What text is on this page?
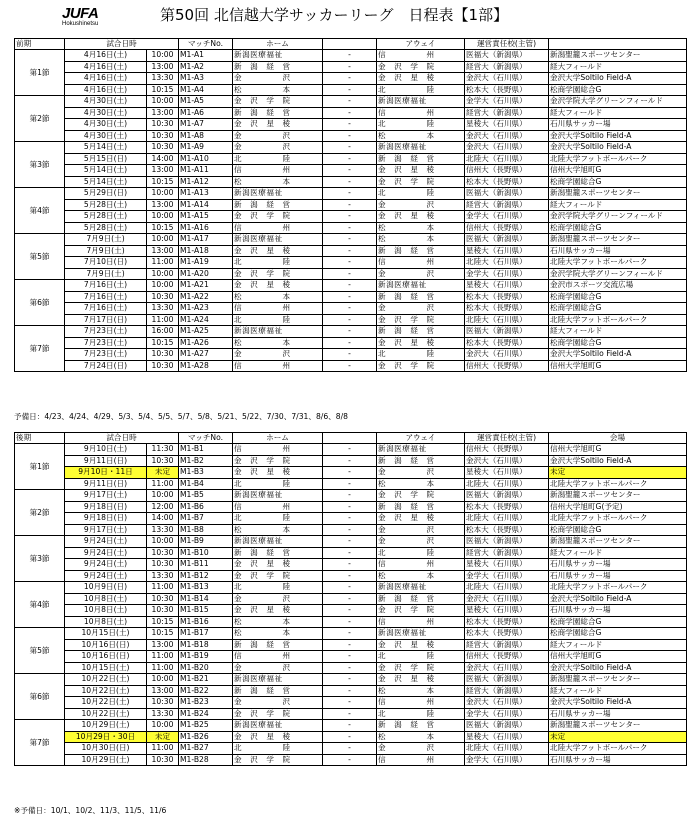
JUFA
Hokushinetsu	第50回 北信越大学サッカーリーグ　日程表【1部】
前期	試合日時		マッチNo.	ホーム		アウェイ	運営責任校(主管)	
第1節	4月16日(土)	10:00	M1-A1	新潟医療福祉	-	信　　　　　州	医福大（新潟県）	新潟聖籠スポーツセンター
	4月16日(土)	13:00	M1-A2	新　潟　経　営	-	金　沢　学　院	経営大（新潟県）	経大フィールド
	4月16日(土)	13:30	M1-A3	金　　　　　沢	-	金　沢　星　稜	金沢大（石川県）	金沢大学Soltilo Field-A
	4月16日(土)	10:15	M1-A4	松　　　　　本	-	北　　　　　陸	松本大（長野県）	松商学園総合G
第2節	4月30日(土)	10:00	M1-A5	金　沢　学　院	-	新潟医療福祉	金学大（石川県）	金沢学院大学グリーンフィールド
	4月30日(土)	13:00	M1-A6	新　潟　経　営	-	信　　　　　州	経営大（新潟県）	経大フィールド
	4月30日(土)	10:30	M1-A7	金　沢　星　稜	-	北　　　　　陸	星稜大（石川県）	石川県サッカー場
	4月30日(土)	10:30	M1-A8	金　　　　　沢	-	松　　　　　本	金沢大（石川県）	金沢大学Soltilo Field-A
第3節	5月14日(土)	10:30	M1-A9	金　　　　　沢	-	新潟医療福祉	金沢大（石川県）	金沢大学Soltilo Field-A
	5月15日(日)	14:00	M1-A10	北　　　　　陸	-	新　潟　経　営	北陸大（石川県）	北陸大学フットボールパーク
	5月14日(土)	13:00	M1-A11	信　　　　　州	-	金　沢　星　稜	信州大（長野県）	信州大学旭町G
	5月14日(土)	10:15	M1-A12	松　　　　　本	-	金　沢　学　院	松本大（長野県）	松商学園総合G
第4節	5月29日(日)	10:00	M1-A13	新潟医療福祉	-	北　　　　　陸	医福大（新潟県）	新潟聖籠スポーツセンター
	5月28日(土)	13:00	M1-A14	新　潟　経　営	-	金　　　　　沢	経営大（新潟県）	経大フィールド
	5月28日(土)	10:00	M1-A15	金　沢　学　院	-	金　沢　星　稜	金学大（石川県）	金沢学院大学グリーンフィールド
	5月28日(土)	10:15	M1-A16	信　　　　　州	-	松　　　　　本	信州大（長野県）	松商学園総合G
第5節	7月9日(土)	10:00	M1-A17	新潟医療福祉	-	松　　　　　本	医福大（新潟県）	新潟聖籠スポーツセンター
	7月9日(土)	13:00	M1-A18	金　沢　星　稜	-	新　潟　経　営	星稜大（石川県）	石川県サッカー場
	7月10日(日)	11:00	M1-A19	北　　　　　陸	-	信　　　　　州	北陸大（石川県）	北陸大学フットボールパーク
	7月9日(土)	10:00	M1-A20	金　沢　学　院	-	金　　　　　沢	金学大（石川県）	金沢学院大学グリーンフィールド
第6節	7月16日(土)	10:00	M1-A21	金　沢　星　稜	-	新潟医療福祉	星稜大（石川県）	金沢市スポーツ交流広場
	7月16日(土)	10:30	M1-A22	松　　　　　本	-	新　潟　経　営	松本大（長野県）	松商学園総合G
	7月16日(土)	13:30	M1-A23	信　　　　　州	-	金　　　　　沢	松本大（長野県）	松商学園総合G
	7月17日(日)	11:00	M1-A24	北　　　　　陸	-	金　沢　学　院	北陸大（石川県）	北陸大学フットボールパーク
第7節	7月23日(土)	16:00	M1-A25	新潟医療福祉	-	新　潟　経　営	医福大（新潟県）	経大フィールド
	7月23日(土)	10:15	M1-A26	松　　　　　本	-	金　沢　星　稜	松本大（長野県）	松商学園総合G
	7月23日(土)	10:30	M1-A27	金　　　　　沢	-	北　　　　　陸	金沢大（石川県）	金沢大学Soltilo Field-A
	7月24日(日)	10:30	M1-A28	信　　　　　州	-	金　沢　学　院	信州大（長野県）	信州大学旭町G
予備日：4/23、4/24、4/29、5/3、5/4、5/5、5/7、5/8、5/21、5/22、7/30、7/31、8/6、8/8
後期	試合日時		マッチNo.	ホーム		アウェイ	運営責任校(主管)	会場
第1節	9月10日(土)	11:30	M1-B1	信　　　　　州	-	新潟医療福祉	信州大（長野県）	信州大学旭町G
	9月11日(日)	10:30	M1-B2	金　沢　学　院	-	新　潟　経　営	金沢大（石川県）	金沢大学Soltilo Field-A
	9月10日・11日	未定	M1-B3	金　沢　星　稜	-	金　　　　　沢	星稜大（石川県）	未定
	9月11日(日)	11:00	M1-B4	北　　　　　陸	-	松　　　　　本	北陸大（石川県）	北陸大学フットボールパーク
第2節	9月17日(土)	10:00	M1-B5	新潟医療福祉	-	金　沢　学　院	医福大（新潟県）	新潟聖籠スポーツセンター
	9月18日(日)	12:00	M1-B6	信　　　　　州	-	新　潟　経　営	松本大（長野県）	信州大学旭町G(予定)
	9月18日(日)	14:00	M1-B7	北　　　　　陸	-	金　沢　星　稜	北陸大（石川県）	北陸大学フットボールパーク
	9月17日(土)	13:30	M1-B8	松　　　　　本	-	金　　　　　沢	松本大（長野県）	松商学園総合G
第3節	9月24日(土)	10:00	M1-B9	新潟医療福祉	-	金　　　　　沢	医福大（新潟県）	新潟聖籠スポーツセンター
	9月24日(土)	10:30	M1-B10	新　潟　経　営	-	北　　　　　陸	経営大（新潟県）	経大フィールド
	9月24日(土)	10:30	M1-B11	金　沢　星　稜	-	信　　　　　州	星稜大（石川県）	石川県サッカー場
	9月24日(土)	13:30	M1-B12	金　沢　学　院	-	松　　　　　本	金学大（石川県）	石川県サッカー場
第4節	10月9日(日)	11:00	M1-B13	北　　　　　陸	-	新潟医療福祉	北陸大（石川県）	北陸大学フットボールパーク
	10月8日(土)	10:30	M1-B14	金　　　　　沢	-	新　潟　経　営	金沢大（石川県）	金沢大学Soltilo Field-A
	10月8日(土)	10:30	M1-B15	金　沢　星　稜	-	金　沢　学　院	星稜大（石川県）	石川県サッカー場
	10月8日(土)	10:15	M1-B16	松　　　　　本	-	信　　　　　州	松本大（長野県）	松商学園総合G
第5節	10月15日(土)	10:15	M1-B17	松　　　　　本	-	新潟医療福祉	松本大（長野県）	松商学園総合G
	10月16日(日)	13:00	M1-B18	新　潟　経　営	-	金　沢　星　稜	経営大（新潟県）	経大フィールド
	10月16日(日)	11:00	M1-B19	信　　　　　州	-	北　　　　　陸	信州大（長野県）	信州大学旭町G
	10月15日(土)	11:00	M1-B20	金　　　　　沢	-	金　沢　学　院	金沢大（石川県）	金沢大学Soltilo Field-A
第6節	10月22日(土)	10:00	M1-B21	新潟医療福祉	-	金　沢　星　稜	医福大（新潟県）	新潟聖籠スポーツセンター
	10月22日(土)	13:00	M1-B22	新　潟　経　営	-	松　　　　　本	経営大（新潟県）	経大フィールド
	10月22日(土)	10:30	M1-B23	金　　　　　沢	-	信　　　　　州	金沢大（石川県）	金沢大学Soltilo Field-A
	10月22日(土)	13:30	M1-B24	金　沢　学　院	-	北　　　　　陸	金学大（石川県）	石川県サッカー場
第7節	10月29日(土)	10:00	M1-B25	新潟医療福祉	-	新　潟　経　営	医福大（新潟県）	新潟聖籠スポーツセンター
	10月29日・30日	未定	M1-B26	金　沢　星　稜	-	松　　　　　本	星稜大（石川県）	未定
	10月30日(日)	11:00	M1-B27	北　　　　　陸	-	金　　　　　沢	北陸大（石川県）	北陸大学フットボールパーク
	10月29日(土)	10:30	M1-B28	金　沢　学　院	-	信　　　　　州	金学大（石川県）	石川県サッカー場
※予備日：10/1、10/2、11/3、11/5、11/6
